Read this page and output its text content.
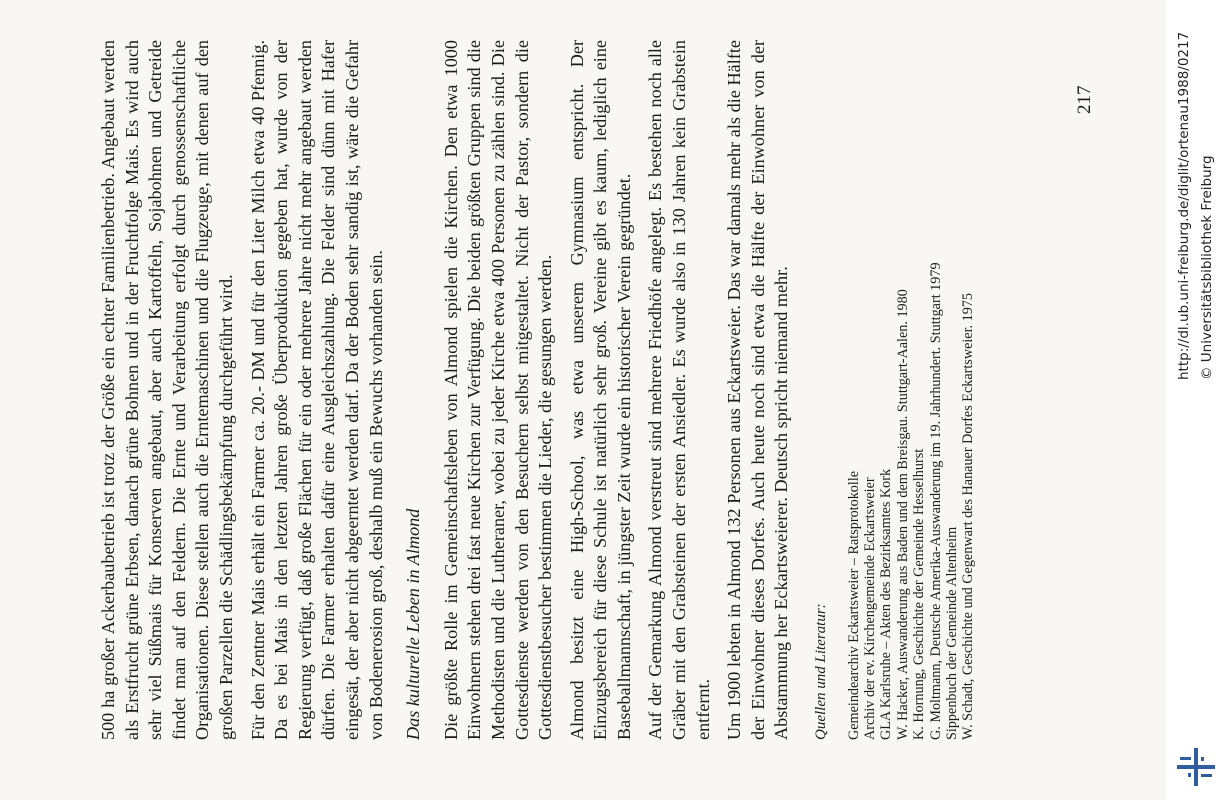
500 ha großer Ackerbaubetrieb ist trotz der Größe ein echter Familienbetrieb. Angebaut werden als Erstfrucht grüne Erbsen, danach grüne Bohnen und in der Fruchtfolge Mais. Es wird auch sehr viel Süßmais für Konserven angebaut, aber auch Kartoffeln, Sojabohnen und Getreide findet man auf den Feldern. Die Ernte und Verarbeitung erfolgt durch genossenschaftliche Organisationen. Diese stellen auch die Erntemaschinen und die Flugzeuge, mit denen auf den großen Parzellen die Schädlingsbekämpfung durchgeführt wird. Für den Zentner Mais erhält ein Farmer ca. 20.- DM und für den Liter Milch etwa 40 Pfennig. Da es bei Mais in den letzten Jahren große Überproduktion gegeben hat, wurde von der Regierung verfügt, daß große Flächen für ein oder mehrere Jahre nicht mehr angebaut werden dürfen. Die Farmer erhalten dafür eine Ausgleichszahlung. Die Felder sind dünn mit Hafer eingesät, der aber nicht abgeerntet werden darf. Da der Boden sehr sandig ist, wäre die Gefahr von Bodenerosion groß, deshalb muß ein Bewuchs vorhanden sein. Das kulturelle Leben in Almond Die größte Rolle im Gemeinschaftsleben von Almond spielen die Kirchen. Den etwa 1000 Einwohnern stehen drei fast neue Kirchen zur Verfügung. Die beiden größten Gruppen sind die Methodisten und die Lutheraner, wobei zu jeder Kirche etwa 400 Personen zu zählen sind. Die Gottesdienste werden von den Besuchern selbst mitgestaltet. Nicht der Pastor, sondern die Gottesdienstbesucher bestimmen die Lieder, die gesungen werden. Almond besitzt eine High-School, was etwa unserem Gymnasium entspricht. Der Einzugsbereich für diese Schule ist natürlich sehr groß. Vereine gibt es kaum, lediglich eine Baseballmannschaft, in jüngster Zeit wurde ein historischer Verein gegründet. Auf der Gemarkung Almond verstreut sind mehrere Friedhöfe angelegt. Es bestehen noch alle Gräber mit den Grabsteinen der ersten Ansiedler. Es wurde also in 130 Jahren kein Grabstein entfernt. Um 1900 lebten in Almond 132 Personen aus Eckartsweier. Das war damals mehr als die Hälfte der Einwohner dieses Dorfes. Auch heute noch sind etwa die Hälfte der Einwohner von der Abstammung her Eckartsweierer. Deutsch spricht niemand mehr. Quellen und Literatur:	Gemeindearchiv Eckartsweier – Ratsprotokolle Archiv der ev. Kirchengemeinde Eckartsweier GLA Karlsruhe – Akten des Bezirksamtes Kork W. Hacker, Auswanderung aus Baden und dem Breisgau. Stuttgart-Aalen. 1980 K. Hornung, Geschichte der Gemeinde Hesselhurst G. Moltmann, Deutsche Amerika-Auswanderung im 19. Jahrhundert. Stuttgart 1979 Sippenbuch der Gemeinde Altenheim W. Schadt, Geschichte und Gegenwart des Hanauer Dorfes Eckartsweier. 1975
217	http://dl.ub.uni-freiburg.de/diglit/ortenau1988/0217 © Universitätsbibliothek Freiburg
